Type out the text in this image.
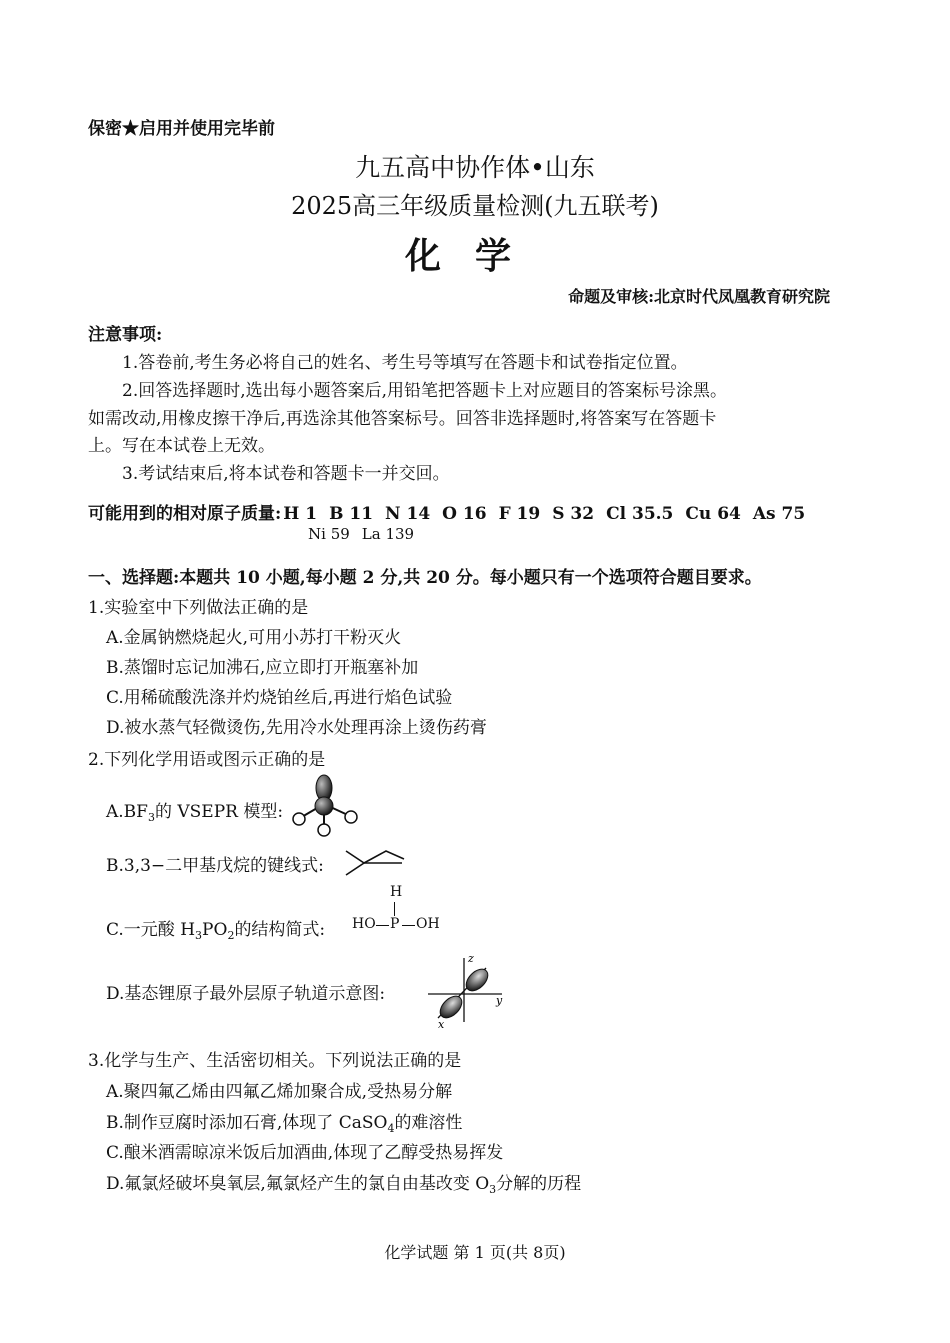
保密★启用并使用完毕前
九五高中协作体•山东
2025高三年级质量检测(九五联考)
化学
命题及审核:北京时代凤凰教育研究院
注意事项:
1.答卷前,考生务必将自己的姓名、考生号等填写在答题卡和试卷指定位置。
2.回答选择题时,选出每小题答案后,用铅笔把答题卡上对应题目的答案标号涂黑。
如需改动,用橡皮擦干净后,再选涂其他答案标号。回答非选择题时,将答案写在答题卡
上。写在本试卷上无效。
3.考试结束后,将本试卷和答题卡一并交回。
可能用到的相对原子质量: H 1 B 11 N 14 O 16 F 19 S 32 Cl 35.5 Cu 64 As 75
Ni 59 La 139
一、选择题:本题共 10 小题,每小题 2 分,共 20 分。每小题只有一个选项符合题目要求。
1.实验室中下列做法正确的是
A.金属钠燃烧起火,可用小苏打干粉灭火
B.蒸馏时忘记加沸石,应立即打开瓶塞补加
C.用稀硫酸洗涤并灼烧铂丝后,再进行焰色试验
D.被水蒸气轻微烫伤,先用冷水处理再涂上烫伤药膏
2.下列化学用语或图示正确的是
$A.BF_3$的 VSEPR 模型:
B.3,3−二甲基戊烷的键线式:
C.一元酸 $H_3PO_2$的结构简式:
H
HO P OH
D.基态锂原子最外层原子轨道示意图:
z
y
x
3.化学与生产、生活密切相关。下列说法正确的是
A.聚四氟乙烯由四氟乙烯加聚合成,受热易分解
B.制作豆腐时添加石膏,体现了 CaSO$_4$的难溶性
C.酿米酒需晾凉米饭后加酒曲,体现了乙醇受热易挥发
D.氟氯烃破坏臭氧层,氟氯烃产生的氯自由基改变 $O_3$分解的历程
化学试题 第 1 页(共 8页)
